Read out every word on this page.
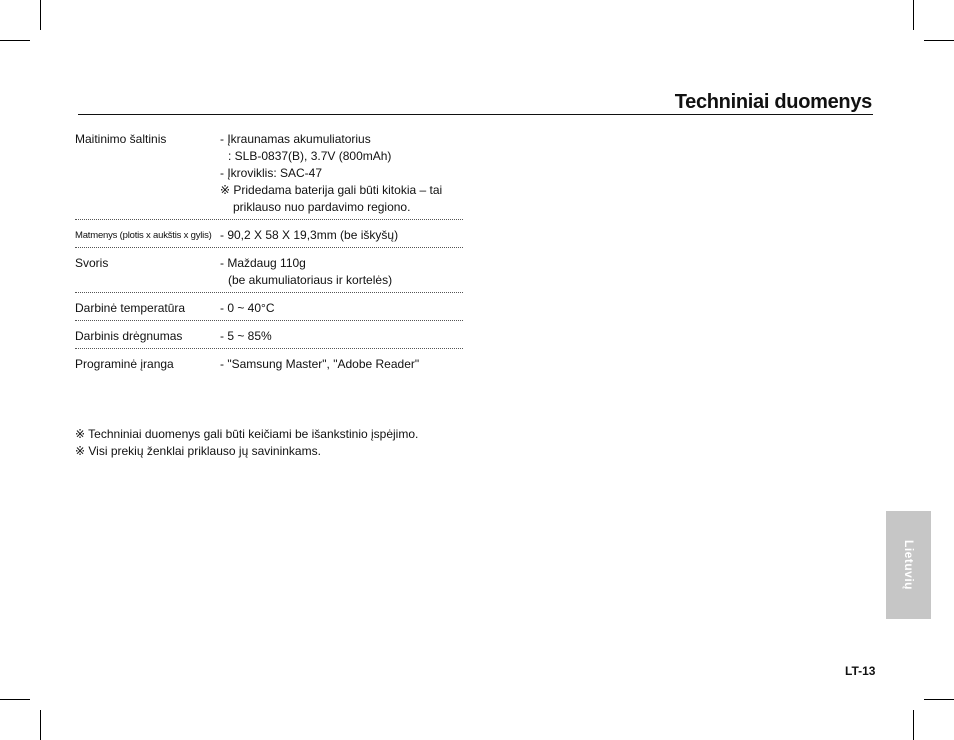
Techniniai duomenys
Maitinimo šaltinis	- Įkraunamas akumuliatorius
: SLB-0837(B), 3.7V (800mAh)
- Įkroviklis: SAC-47
※ Pridedama baterija gali būti kitokia – tai
priklauso nuo pardavimo regiono.
Matmenys (plotis x aukštis x gylis) - 90,2 X 58 X 19,3mm (be iškyšų)
Svoris	- Maždaug 110g
(be akumuliatoriaus ir kortelės)
Darbinė temperatūra	- 0 ~ 40°C
Darbinis drėgnumas	- 5 ~ 85%
Programinė įranga	- "Samsung Master", "Adobe Reader"
※ Techniniai duomenys gali būti keičiami be išankstinio įspėjimo.
※ Visi prekių ženklai priklauso jų savininkams.
Lietuvių
LT-13
